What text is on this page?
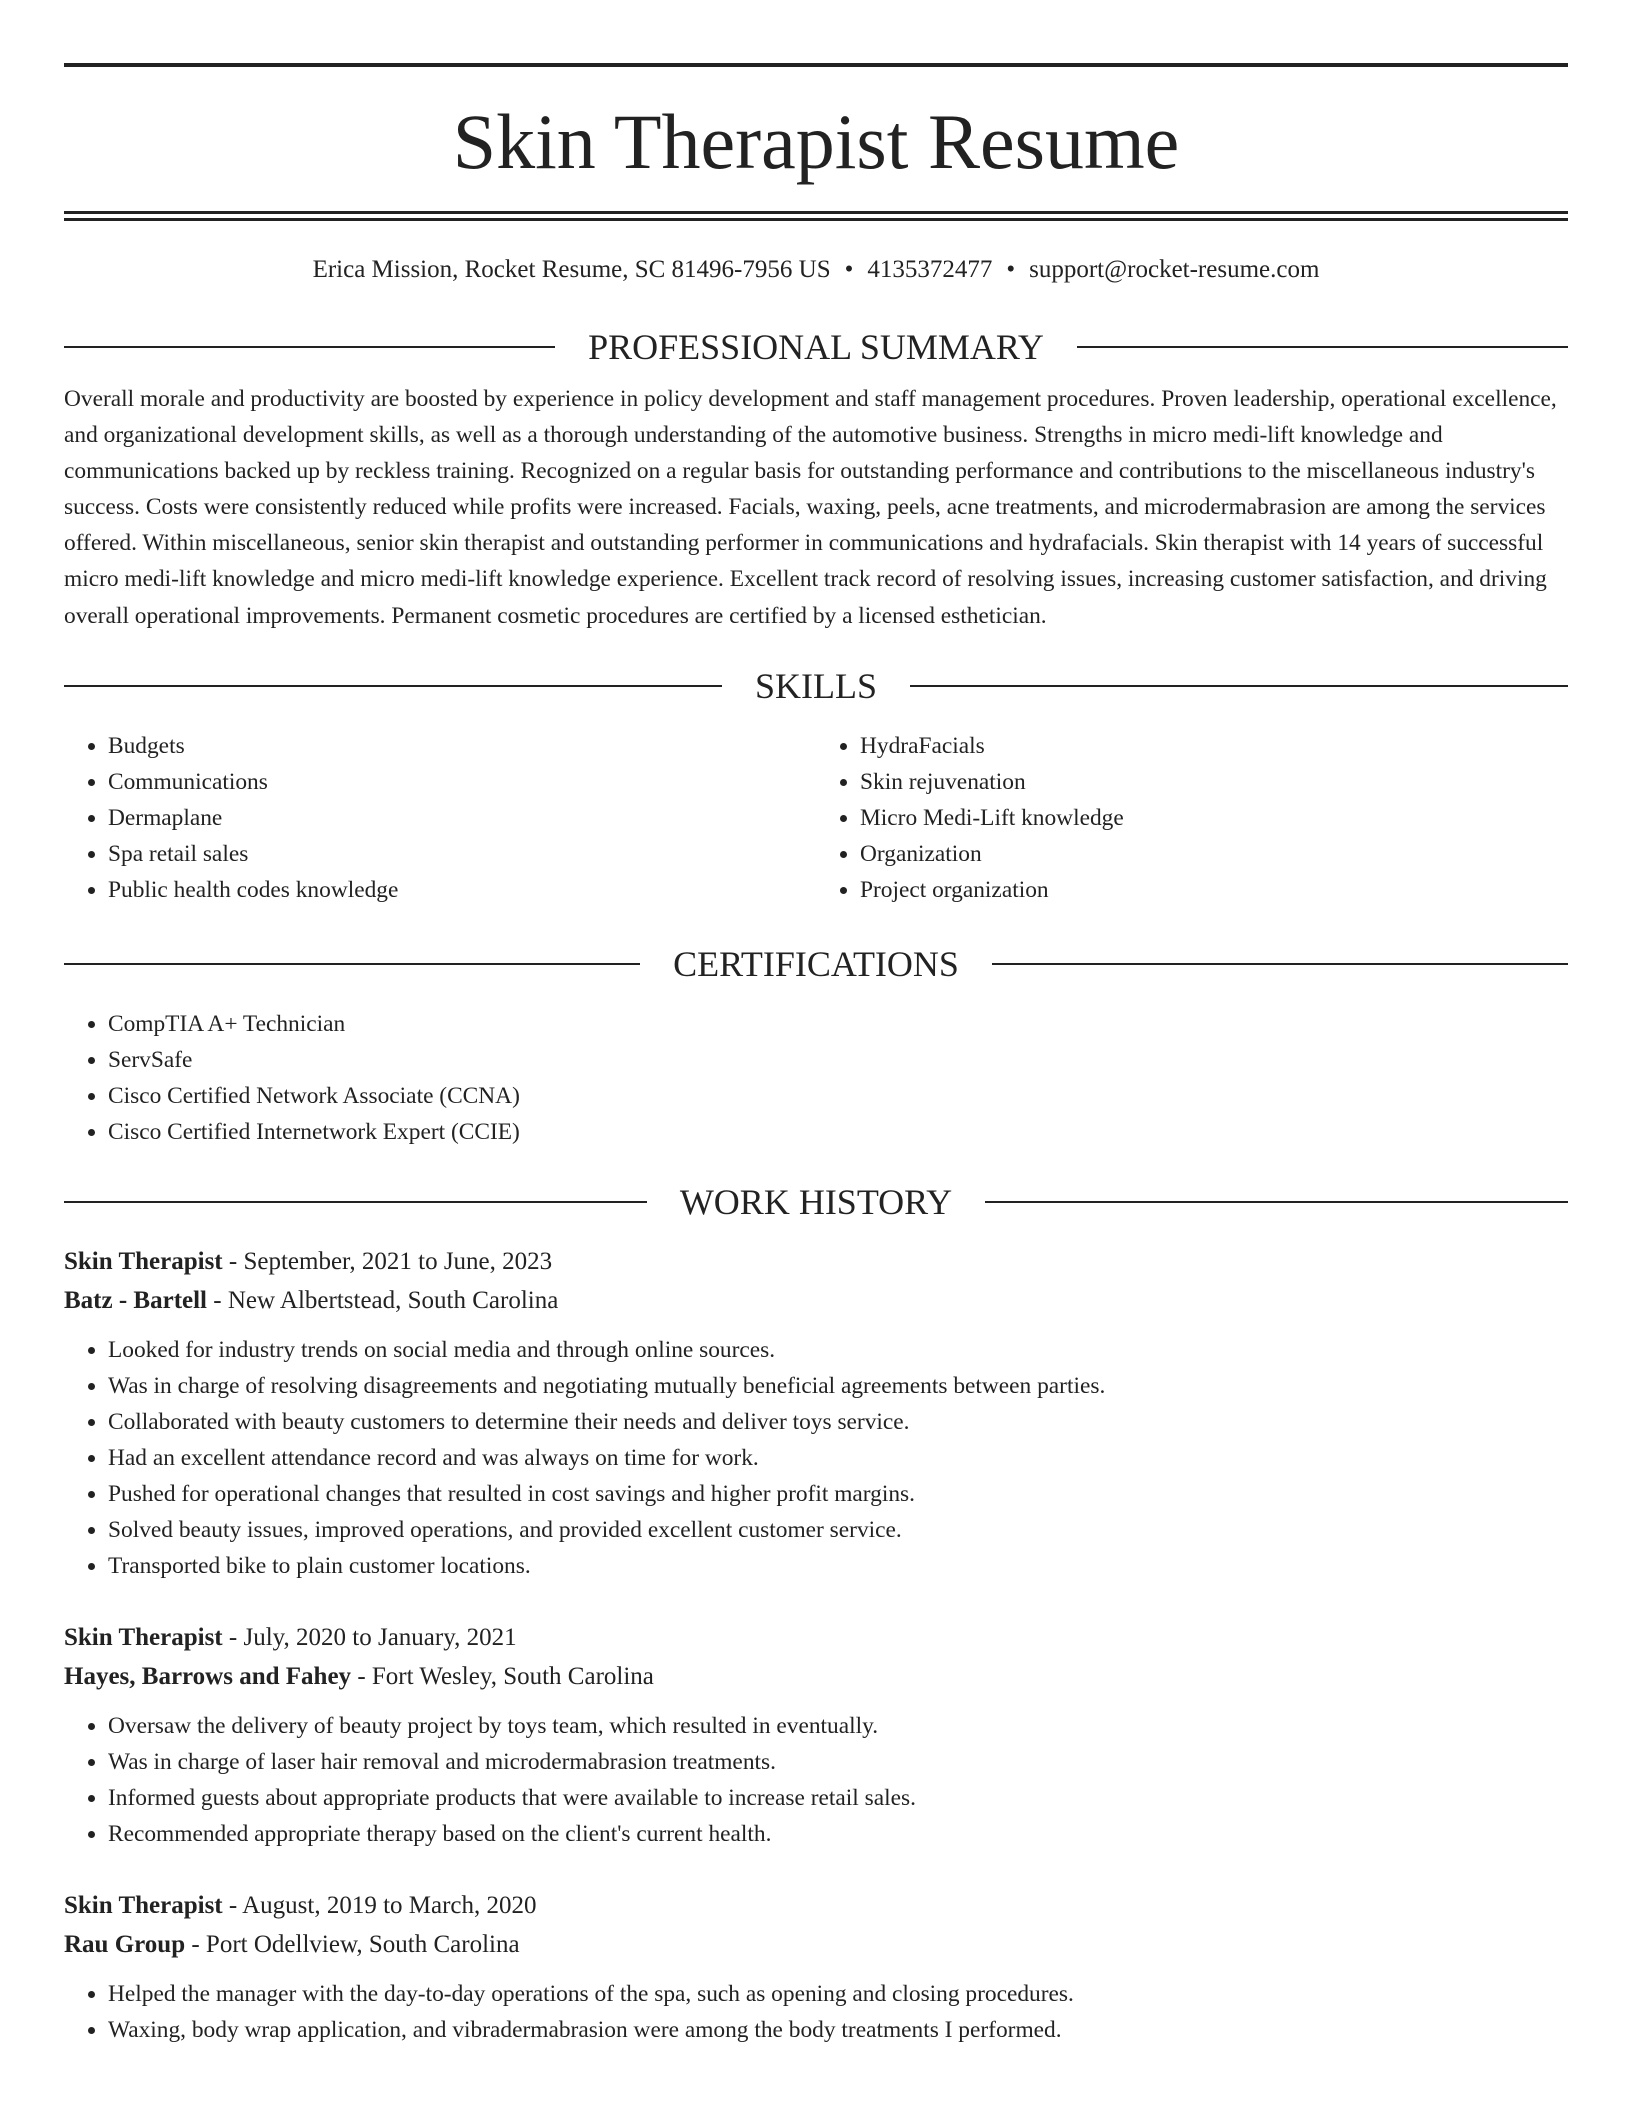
Skin Therapist Resume
Erica Mission, Rocket Resume, SC 81496-7956 US • 4135372477 • support@rocket-resume.com
PROFESSIONAL SUMMARY

Overall morale and productivity are boosted by experience in policy development and staff management procedures. Proven leadership, operational excellence, and organizational development skills, as well as a thorough understanding of the automotive business. Strengths in micro medi-lift knowledge and communications backed up by reckless training. Recognized on a regular basis for outstanding performance and contributions to the miscellaneous industry's success. Costs were consistently reduced while profits were increased. Facials, waxing, peels, acne treatments, and microdermabrasion are among the services offered. Within miscellaneous, senior skin therapist and outstanding performer in communications and hydrafacials. Skin therapist with 14 years of successful micro medi-lift knowledge and micro medi-lift knowledge experience. Excellent track record of resolving issues, increasing customer satisfaction, and driving overall operational improvements. Permanent cosmetic procedures are certified by a licensed esthetician.

SKILLS
• Budgets
• Communications
• Dermaplane
• Spa retail sales
• Public health codes knowledge
• HydraFacials
• Skin rejuvenation
• Micro Medi-Lift knowledge
• Organization
• Project organization
CERTIFICATIONS
• CompTIA A+ Technician
• ServSafe
• Cisco Certified Network Associate (CCNA)
• Cisco Certified Internetwork Expert (CCIE)
WORK HISTORY
Skin Therapist - September, 2021 to June, 2023
Batz - Bartell - New Albertstead, South Carolina
• Looked for industry trends on social media and through online sources.
• Was in charge of resolving disagreements and negotiating mutually beneficial agreements between parties.
• Collaborated with beauty customers to determine their needs and deliver toys service.
• Had an excellent attendance record and was always on time for work.
• Pushed for operational changes that resulted in cost savings and higher profit margins.
• Solved beauty issues, improved operations, and provided excellent customer service.
• Transported bike to plain customer locations.
Skin Therapist - July, 2020 to January, 2021
Hayes, Barrows and Fahey - Fort Wesley, South Carolina
• Oversaw the delivery of beauty project by toys team, which resulted in eventually.
• Was in charge of laser hair removal and microdermabrasion treatments.
• Informed guests about appropriate products that were available to increase retail sales.
• Recommended appropriate therapy based on the client's current health.
Skin Therapist - August, 2019 to March, 2020
Rau Group - Port Odellview, South Carolina
• Helped the manager with the day-to-day operations of the spa, such as opening and closing procedures.
• Waxing, body wrap application, and vibradermabrasion were among the body treatments I performed.
